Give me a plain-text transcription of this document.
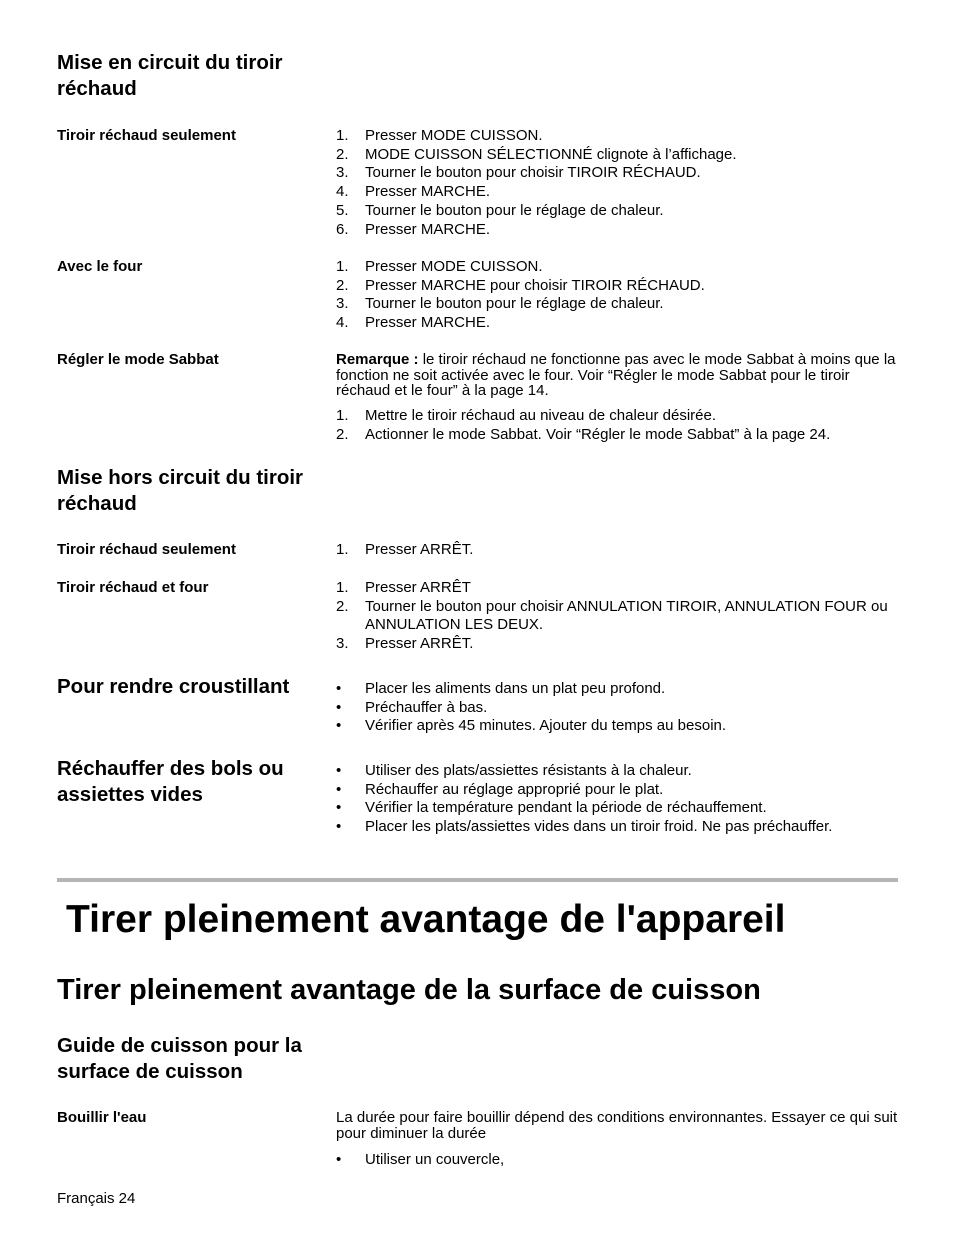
Mise en circuit du tiroir réchaud
Tiroir réchaud seulement	1. Presser MODE CUISSON.
2. MODE CUISSON SÉLECTIONNÉ clignote à l’affichage.
3. Tourner le bouton pour choisir TIROIR RÉCHAUD.
4. Presser MARCHE.
5. Tourner le bouton pour le réglage de chaleur.
6. Presser MARCHE.
Avec le four	1. Presser MODE CUISSON.
2. Presser MARCHE pour choisir TIROIR RÉCHAUD.
3. Tourner le bouton pour le réglage de chaleur.
4. Presser MARCHE.
Régler le mode Sabbat	Remarque : le tiroir réchaud ne fonctionne pas avec le mode Sabbat à moins que la fonction ne soit activée avec le four. Voir “Régler le mode Sabbat pour le tiroir réchaud et le four” à la page 14.
1. Mettre le tiroir réchaud au niveau de chaleur désirée.
2. Actionner le mode Sabbat. Voir “Régler le mode Sabbat” à la page 24.
Mise hors circuit du tiroir réchaud
Tiroir réchaud seulement	1. Presser ARRÊT.
Tiroir réchaud et four	1. Presser ARRÊT
2. Tourner le bouton pour choisir ANNULATION TIROIR, ANNULATION FOUR ou ANNULATION LES DEUX.
3. Presser ARRÊT.
Pour rendre croustillant	• Placer les aliments dans un plat peu profond.
• Préchauffer à bas.
• Vérifier après 45 minutes. Ajouter du temps au besoin.
Réchauffer des bols ou assiettes vides
• Utiliser des plats/assiettes résistants à la chaleur.
• Réchauffer au réglage approprié pour le plat.
• Vérifier la température pendant la période de réchauffement.
• Placer les plats/assiettes vides dans un tiroir froid. Ne pas préchauffer.
Tirer pleinement avantage de l'appareil
Tirer pleinement avantage de la surface de cuisson
Guide de cuisson pour la surface de cuisson
Bouillir l'eau	La durée pour faire bouillir dépend des conditions environnantes. Essayer ce qui suit pour diminuer la durée
• Utiliser un couvercle,
Français 24
